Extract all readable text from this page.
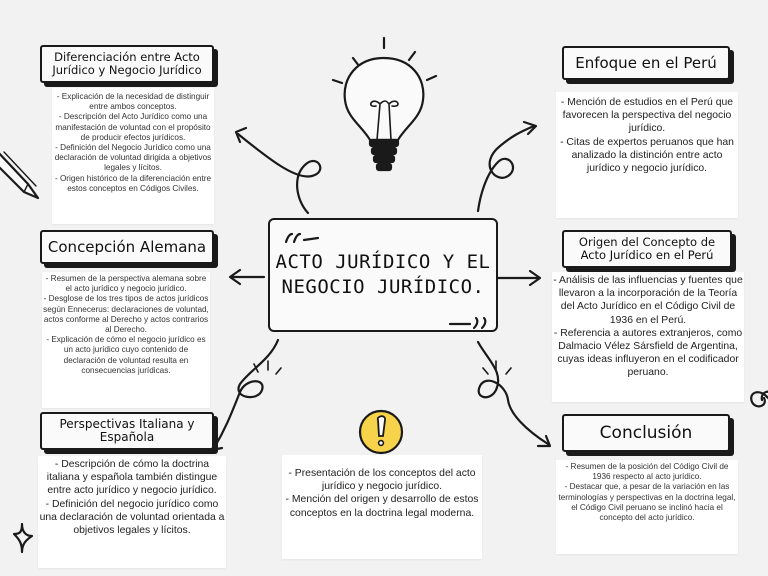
ACTO JURÍDICO Y EL
NEGOCIO JURÍDICO.
Diferenciación entre Acto
Jurídico y Negocio Jurídico
- Explicación de la necesidad de distinguir entre ambos conceptos.
- Descripción del Acto Jurídico como una manifestación de voluntad con el propósito de producir efectos jurídicos.
- Definición del Negocio Jurídico como una declaración de voluntad dirigida a objetivos legales y lícitos.
- Origen histórico de la diferenciación entre estos conceptos en Códigos Civiles.
Concepción Alemana
- Resumen de la perspectiva alemana sobre el acto jurídico y negocio jurídico.
- Desglose de los tres tipos de actos jurídicos según Ennecerus: declaraciones de voluntad, actos conforme al Derecho y actos contrarios al Derecho.
- Explicación de cómo el negocio jurídico es un acto jurídico cuyo contenido de declaración de voluntad resulta en consecuencias jurídicas.
Perspectivas Italiana y
Española
- Descripción de cómo la doctrina italiana y española también distingue entre acto jurídico y negocio jurídico.
- Definición del negocio jurídico como una declaración de voluntad orientada a objetivos legales y lícitos.
- Presentación de los conceptos del acto jurídico y negocio jurídico.
- Mención del origen y desarrollo de estos conceptos en la doctrina legal moderna.
Enfoque en el Perú
- Mención de estudios en el Perú que favorecen la perspectiva del negocio jurídico.
- Citas de expertos peruanos que han analizado la distinción entre acto jurídico y negocio jurídico.
Origen del Concepto de
Acto Jurídico en el Perú
- Análisis de las influencias y fuentes que llevaron a la incorporación de la Teoría del Acto Jurídico en el Código Civil de 1936 en el Perú.
- Referencia a autores extranjeros, como Dalmacio Vélez Sársfield de Argentina, cuyas ideas influyeron en el codificador peruano.
Conclusión
- Resumen de la posición del Código Civil de 1936 respecto al acto jurídico.
- Destacar que, a pesar de la variación en las terminologías y perspectivas en la doctrina legal, el Código Civil peruano se inclinó hacia el concepto del acto jurídico.
